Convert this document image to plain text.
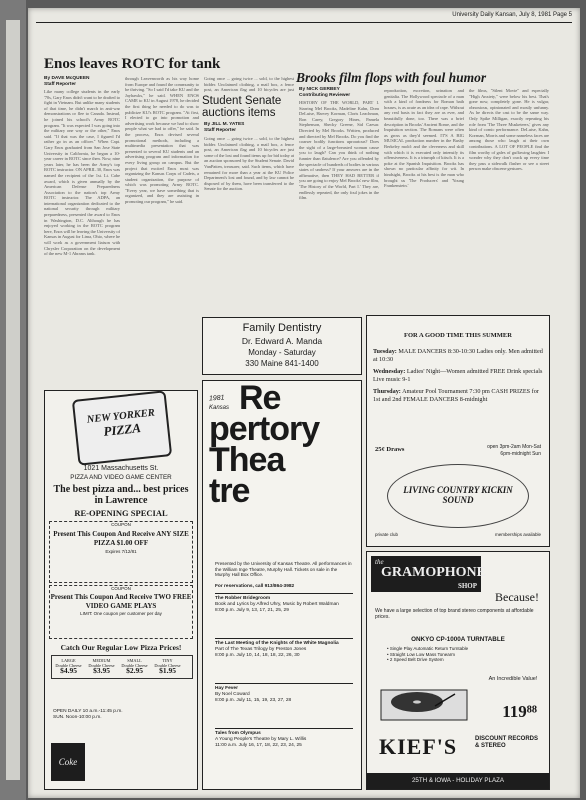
University Daily Kansan, July 8, 1981 Page 5
Enos leaves ROTC for tank
By DAVE McQUEEN
Staff Reporter
Like many college students in the early '70s, Gary Enos didn't want to be drafted to fight in Vietnam. But unlike many students of that time, he didn't march in anti-war demonstrations or flee to Canada. Instead, he joined his school's Army ROTC program. "It was expected I was going into the military one way or the other," Enos said. "If that was the case, I figured I'd rather go in as an officer." When Capt. Gary Enos graduated from San Jose State University in California, he began a 10-year career in ROTC since then. Now, nine years later, he has been the Army's top ROTC instructor. ON APRIL 30, Enos was named the recipient of the 1st. Lt. Cabe award, which is given annually by the American Defense Preparedness Association to the nation's top Army ROTC instructor. The ADPA, an international organization dedicated to the national security through military preparedness, presented the award to Enos in Washington, D.C. Although he has enjoyed working in the ROTC program here, Enos will be leaving the University of Kansas in August for Lima, Ohio, where he will work as a government liaison with Chrysler Corporation on the development of the new M-1 Abrams tank.
through Leavenworth as his way home from Europe and found the community to be thriving. "So I said I'd take KU and the Jayhawks," he said. WHEN ENOS CAME to KU in August 1978, he decided the first thing he needed to do was to publicize KU's ROTC program. "At first, I elected to go into promotion and advertising work because we had to show people what we had to offer," he said. In the process, Enos devised several promotional methods, including a multimedia presentation that was presented to several KU students and an advertising program and information for every living group on campus. But the project that excited Enos most was organizing the Kansas Corps of Cadets, a student organization, the purpose of which was promoting Army ROTC. "Every year, we have something that is organized, and they are assisting in promoting our program," he said.
Going once ... going twice ... sold, to the highest bidder. Unclaimed clothing, a mail box, a fence post, an American flag and 10 bicycles are just
Student Senate auctions items
By JILL M. YATES
Staff Reporter
Going once ... going twice ... sold, to the highest bidder. Unclaimed clothing, a mail box, a fence post, an American flag and 10 bicycles are just some of the lost and found items up for bid today at an auction sponsored by the Student Senate. David VanPatten, treasurer, said. Such items, which have remained for more than a year at the KU Police Department's lost and found, and by law cannot be disposed of by them, have been transferred to the Senate for the auction.
Brooks film flops with foul humor
By NICK GERBEY
Contributing Reviewer
HISTORY OF THE WORLD, PART I. Starring Mel Brooks, Madeline Kahn, Dom DeLuise, Harvey Korman, Cloris Leachman, Ron Carey, Gregory Hines, Pamela Stephenson, Shecky Greene, Sid Caesar. Directed by Mel Brooks. Written, produced and directed by Mel Brooks. Do you find the coarser bodily functions uproarious? Does the sight of a large-breasted woman cause you to laugh? Can you think of nothing funnier than flatulence? Are you offended by the spectacle of hundreds of bodies in various states of undress? If your answers are in the affirmative, then THEY HAD BETTER if you are going to enjoy Mel Brooks' new film, 'The History of the World, Part I.' They are, endlessly repeated, the only foul jokes in the film.
reproduction, excretion, urination and genitalia. The Hollywood spectacle of a man with a kind of fondness for Roman bath houses, is as acute as an idea of rape. Without any real basis in fact they are as ever, and beautifully done, too. There was a brief description in Brooks' Ancient Rome, and the Inquisition section. The Romans were often as gross as they'd seemed. IT'S A BIG MUSICAL production number in the Busby Berkeley mold: and the cleverness and skill with which it is executed only intensify its offensiveness. It is a triumph of kitsch. It is a poke at the Spanish Inquisition. Brooks has shown no particular affinity for wit. In hindsight, Brooks at his best is the man who brought us 'The Producers' and 'Young Frankenstein.'
the films, "Silent Movie" and especially "High Anxiety," were below his best. That's gone now, completely gone. He is vulgar, obnoxious, opinionated and mostly unfunny. As he directs the cast to be the same way. Only Spike Milligan, exactly repeating his role from 'The Three Musketeers,' gives any kind of comic performance. DeLuise, Kahn, Korman, Morris and some nameless faces are among those who laugh at their own contributions. A LOT OF PEOPLE find the film worthy of gales of guffawing laughter. I wonder why they don't crack up every time they pass a sidewalk flasher or see a street person make obscene gestures.
Family Dentistry
Dr. Edward A. Manda
Monday - Saturday
330 Maine 841-1400
NEW YORKER
PIZZA
1021 Massachusetts St.
PIZZA AND VIDEO GAME CENTER
The best pizza and... best prices in Lawrence
RE-OPENING SPECIAL
COUPON
Present This Coupon And Receive ANY SIZE PIZZA $1.00 OFF
Expires 7/12/81
COUPON
Present This Coupon And Receive TWO FREE VIDEO GAME PLAYS
LIMIT: One coupon per customer per day
Catch Our Regular Low Pizza Prices!
LARGE
Double Cheese
$4.95
MEDIUM
Double Cheese
$3.95
SMALL
Double Cheese
$2.95
TINY
Double Cheese
$1.95
OPEN DAILY 10 a.m.-11:45 p.m.
SUN. Noon-10:00 p.m.
Coke
1981
Kansas Re
pertory
Thea
tre
Presented by the University of Kansas Theatre. All performances in the William Inge Theatre, Murphy Hall. Tickets on sale in the Murphy Hall Box Office.
For reservations, call 913/864-3982
The Robber Bridegroom
Book and Lyrics by Alfred Uhry, Music by Robert Waldman
8:00 p.m. July 9, 13, 17, 21, 25, 29
The Last Meeting of the Knights of the White Magnolia
Part of The Texas Trilogy by Preston Jones
8:00 p.m. July 10, 14, 18, 18, 22, 26, 30
Hay Fever
By Noel Coward
8:00 p.m. July 11, 15, 19, 23, 27, 28
Tales from Olympus
A Young People's Theatre by Mary L. Willis
11:00 a.m. July 16, 17, 18, 22, 23, 24, 25
FOR A GOOD TIME THIS SUMMER
Tuesday: MALE DANCERS 8:30-10:30 Ladies only. Men admitted at 10:30
Wednesday: Ladies' Night—Women admitted FREE Drink specials Live music 9-1
Thursday: Amateur Pool Tournament 7:30 pm CASH PRIZES for 1st and 2nd FEMALE DANCERS 8-midnight
25¢ Draws	open 3pm-2am Mon-Sat
6pm-midnight Sun
LIVING COUNTRY KICKIN SOUND
private club	memberships available
the
GRAMOPHONE
SHOP
Because!
We have a large selection of top brand stereo components at affordable prices.
ONKYO CP-1000A TURNTABLE
• Single Play Automatic Return Turntable
• Straight Low Low Mass Tonearm
• 2 Speed Belt Drive System
An Incredible Value!
119⁸⁸
KIEF'S	DISCOUNT RECORDS & STEREO
25TH & IOWA - HOLIDAY PLAZA
